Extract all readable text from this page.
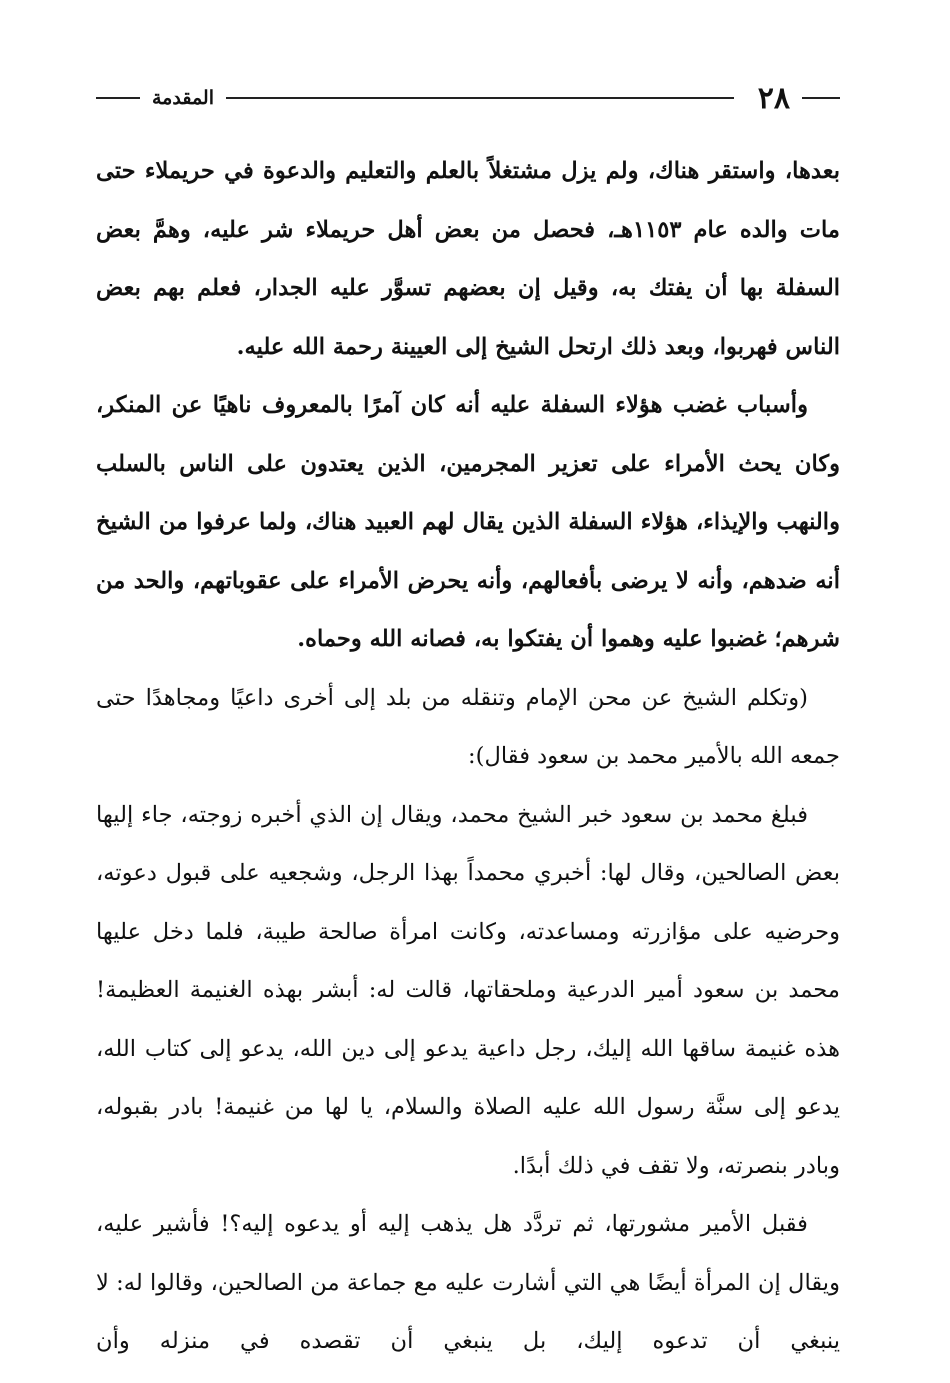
٢٨
المقدمة

بعدها، واستقر هناك، ولم يزل مشتغلاً بالعلم والتعليم والدعوة في حريملاء حتى مات والده عام ١١٥٣هـ، فحصل من بعض أهل حريملاء شر عليه، وهمَّ بعض السفلة بها أن يفتك به، وقيل إن بعضهم تسوَّر عليه الجدار، فعلم بهم بعض الناس فهربوا، وبعد ذلك ارتحل الشيخ إلى العيينة رحمة الله عليه.

وأسباب غضب هؤلاء السفلة عليه أنه كان آمرًا بالمعروف ناهيًا عن المنكر، وكان يحث الأمراء على تعزير المجرمين، الذين يعتدون على الناس بالسلب والنهب والإيذاء، هؤلاء السفلة الذين يقال لهم العبيد هناك، ولما عرفوا من الشيخ أنه ضدهم، وأنه لا يرضى بأفعالهم، وأنه يحرض الأمراء على عقوباتهم، والحد من شرهم؛ غضبوا عليه وهموا أن يفتكوا به، فصانه الله وحماه.

(وتكلم الشيخ عن محن الإمام وتنقله من بلد إلى أخرى داعيًا ومجاهدًا حتى جمعه الله بالأمير محمد بن سعود فقال):

فبلغ محمد بن سعود خبر الشيخ محمد، ويقال إن الذي أخبره زوجته، جاء إليها بعض الصالحين، وقال لها: أخبري محمداً بهذا الرجل، وشجعيه على قبول دعوته، وحرضيه على مؤازرته ومساعدته، وكانت امرأة صالحة طيبة، فلما دخل عليها محمد بن سعود أمير الدرعية وملحقاتها، قالت له: أبشر بهذه الغنيمة العظيمة! هذه غنيمة ساقها الله إليك، رجل داعية يدعو إلى دين الله، يدعو إلى كتاب الله، يدعو إلى سنَّة رسول الله عليه الصلاة والسلام، يا لها من غنيمة! بادر بقبوله، وبادر بنصرته، ولا تقف في ذلك أبدًا.

فقبل الأمير مشورتها، ثم تردَّد هل يذهب إليه أو يدعوه إليه؟! فأشير عليه، ويقال إن المرأة أيضًا هي التي أشارت عليه مع جماعة من الصالحين، وقالوا له: لا ينبغي أن تدعوه إليك، بل ينبغي أن تقصده في منزله وأن
